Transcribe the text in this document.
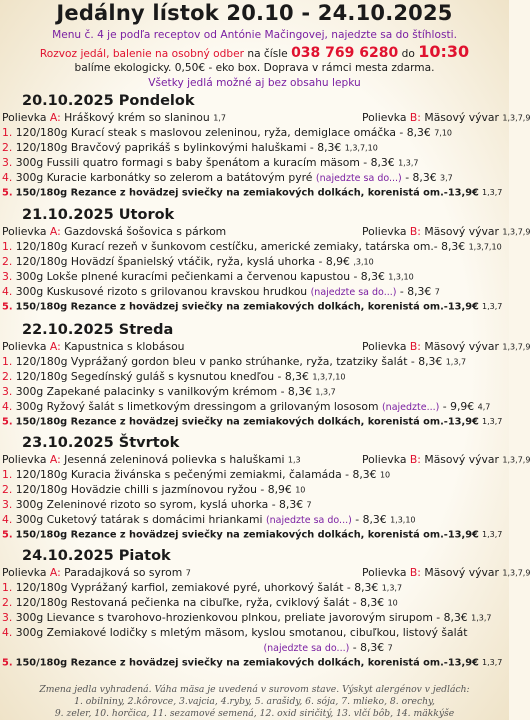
Jedálny lístok 20.10 - 24.10.2025
Menu č. 4 je podľa receptov od Antónie Mačingovej, najedzte sa do štíhlosti.
Rozvoz jedál, balenie na osobný odber na čísle 038 769 6280 do 10:30
balíme ekologicky. 0,50€ - eko box. Doprava v rámci mesta zdarma.
Všetky jedlá možné aj bez obsahu lepku
20.10.2025 Pondelok
Polievka A: Hráškový krém so slaninou 1,7	Polievka B: Mäsový vývar 1,3,7,9
1. 120/180g Kurací steak s maslovou zeleninou, ryža, demiglace omáčka - 8,3€ 7,10
2. 120/180g Bravčový paprikáš s bylinkovými haluškami - 8,3€ 1,3,7,10
3. 300g Fussili quatro formagi s baby špenátom a kuracím mäsom - 8,3€ 1,3,7
4. 300g Kuracie karbonátky so zelerom a batátovým pyré (najedzte sa do...) - 8,3€ 3,7
5. 150/180g Rezance z hovädzej sviečky na zemiakových dolkách, korenistá om.-13,9€ 1,3,7
21.10.2025 Utorok
Polievka A: Gazdovská šošovica s párkom	Polievka B: Mäsový vývar 1,3,7,9
1. 120/180g Kurací rezeň v šunkovom cestíčku, americké zemiaky, tatárska om.- 8,3€ 1,3,7,10
2. 120/180g Hovädzí španielský vtáčik, ryža, kyslá uhorka - 8,9€ ,3,10
3. 300g Lokše plnené kuracími pečienkami a červenou kapustou - 8,3€ 1,3,10
4. 300g Kuskusové rizoto s grilovanou kravskou hrudkou (najedzte sa do...) - 8,3€ 7
5. 150/180g Rezance z hovädzej sviečky na zemiakových dolkách, korenistá om.-13,9€ 1,3,7
22.10.2025 Streda
Polievka A: Kapustnica s klobásou	Polievka B: Mäsový vývar 1,3,7,9
1. 120/180g Vyprážaný gordon bleu v panko strúhanke, ryža, tzatziky šalát - 8,3€ 1,3,7
2. 120/180g Segedínský guláš s kysnutou knedľou - 8,3€ 1,3,7,10
3. 300g Zapekané palacinky s vanilkovým krémom - 8,3€ 1,3,7
4. 300g Ryžový šalát s limetkovým dressingom a grilovaným lososom (najedzte...) - 9,9€ 4,7
5. 150/180g Rezance z hovädzej sviečky na zemiakových dolkách, korenistá om.-13,9€ 1,3,7
23.10.2025 Štvrtok
Polievka A: Jesenná zeleninová polievka s haluškami 1,3	Polievka B: Mäsový vývar 1,3,7,9
1. 120/180g Kuracia živánska s pečenými zemiakmi, čalamáda - 8,3€ 10
2. 120/180g Hovädzie chilli s jazmínovou ryžou - 8,9€ 10
3. 300g Zeleninové rizoto so syrom, kyslá uhorka - 8,3€ 7
4. 300g Cuketový tatárak s domácimi hriankami (najedzte sa do...) - 8,3€ 1,3,10
5. 150/180g Rezance z hovädzej sviečky na zemiakových dolkách, korenistá om.-13,9€ 1,3,7
24.10.2025 Piatok
Polievka A: Paradajková so syrom 7	Polievka B: Mäsový vývar 1,3,7,9
1. 120/180g Vyprážaný karfiol, zemiakové pyré, uhorkový šalát - 8,3€ 1,3,7
2. 120/180g Restovaná pečienka na cibuľke, ryža, cviklový šalát - 8,3€ 10
3. 300g Lievance s tvarohovo-hrozienkovou plnkou, preliate javorovým sirupom - 8,3€ 1,3,7
4. 300g Zemiakové lodičky s mletým mäsom, kyslou smotanou, cibuľkou, listový šalát
(najedzte sa do...) - 8,3€ 7
5. 150/180g Rezance z hovädzej sviečky na zemiakových dolkách, korenistá om.-13,9€ 1,3,7
Zmena jedla vyhradená. Váha mäsa je uvedená v surovom stave. Výskyt alergénov v jedlách:
1. obilniny, 2.kôrovce, 3.vajcia, 4.ryby, 5. arašidy, 6. sója, 7. mlieko, 8. orechy,
9. zeler, 10. horčica, 11. sezamové semená, 12. oxid siričitý, 13. vlčí bôb, 14. mäkkýše
